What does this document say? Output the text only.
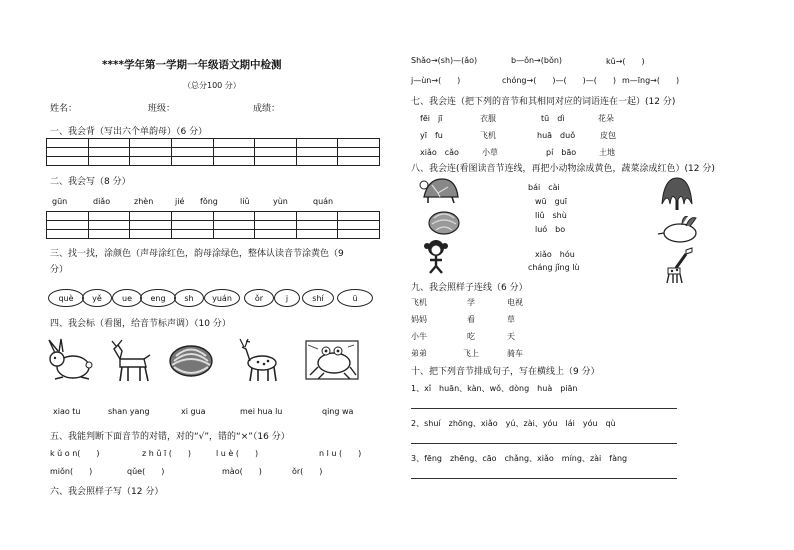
****学年第一学期一年级语文期中检测
（总分100 分）
姓名：	班级：	成绩：
一、我会背（写出六个单韵母）（6 分）

二、我会写（8 分）
gūn	diǎo	zhèn	jié fǒng	liǔ	yùn	quán

三、找一找，涂颜色（声母涂红色，韵母涂绿色，整体认读音节涂黄色（9
分）
què	yě	ue	eng	sh	yuán	ǒr	j	shí	ü
四、我会标（看图，给音节标声调）（10 分）
xiao tu	shan yang	xi gua	mei hua lu	qing wa
五、我能判断下面音节的对错，对的“√”，错的“×”（16 分）
k ǔ o n(　　)	z h ǔ ī (　　)	l u è (　　)	n l u (　　)
miǒn(　　)	qǔe(　　)	mào(　　)	ǒr(　　)
六、我会照样子写（12 分）
Shǎo→(sh)—(ǎo)	b—ǒn→(bǒn)	kǔ→(　　)
j—ùn→(　　)	chóng→(　　)—(　　)—(　　) m—īng→(　　)
七、我会连（把下列的音节和其相同对应的词语连在一起）(12 分)
fēi　jī	衣服	tū　dì	花朵
yī　fu	飞机	huā　duǒ	皮包
xiǎo　cǎo	小草	pí　bāo	土地
八、我会连(看图读音节连线，再把小动物涂成黄色，蔬菜涂成红色）(12 分)
bái　cài
wū　guī
liǔ　shù
luó　bo
xiǎo　hóu
cháng jǐng lù
九、我会照样子连线（6 分）
飞机	学	电视
妈妈	看	草
小牛	吃	天
弟弟	飞上	骑车
十、把下列音节排成句子，写在横线上（9 分）
1、xǐ　huān、kàn、wǒ、dòng　huà　piān
2、shuí　zhōng、xiǎo　yú、zài、yóu　lái　yóu　qù
3、fēng　zhēng、cāo　chǎng、xiǎo　míng、zài　fàng
